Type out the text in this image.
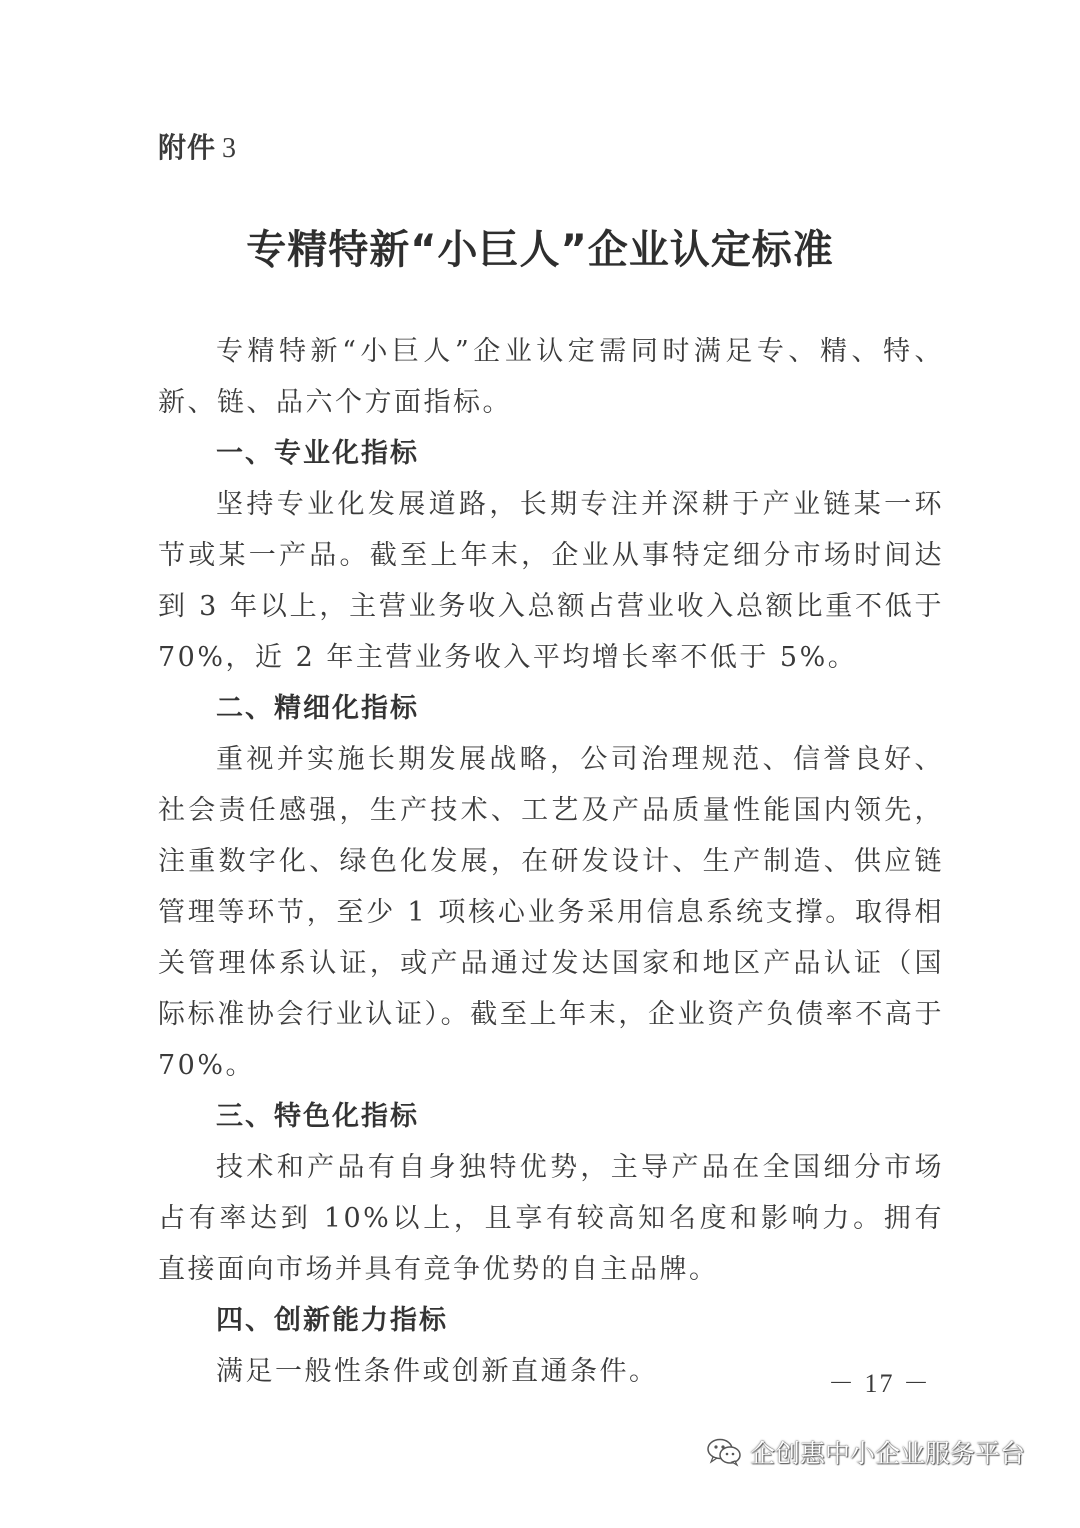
附件 3
专精特新“小巨人”企业认定标准

专精特新“小巨人”企业认定需同时满足专、精、特、新、链、品六个方面指标。

一、专业化指标

坚持专业化发展道路，长期专注并深耕于产业链某一环节或某一产品。截至上年末，企业从事特定细分市场时间达到 3 年以上，主营业务收入总额占营业收入总额比重不低于 70%，近 2 年主营业务收入平均增长率不低于 5%。

二、精细化指标

重视并实施长期发展战略，公司治理规范、信誉良好、社会责任感强，生产技术、工艺及产品质量性能国内领先，注重数字化、绿色化发展，在研发设计、生产制造、供应链管理等环节，至少 1 项核心业务采用信息系统支撑。取得相关管理体系认证，或产品通过发达国家和地区产品认证（国际标准协会行业认证）。截至上年末，企业资产负债率不高于 70%。

三、特色化指标

技术和产品有自身独特优势，主导产品在全国细分市场占有率达到 10%以上，且享有较高知名度和影响力。拥有直接面向市场并具有竞争优势的自主品牌。

四、创新能力指标

满足一般性条件或创新直通条件。	－ 17 －
企创惠中小企业服务平台
